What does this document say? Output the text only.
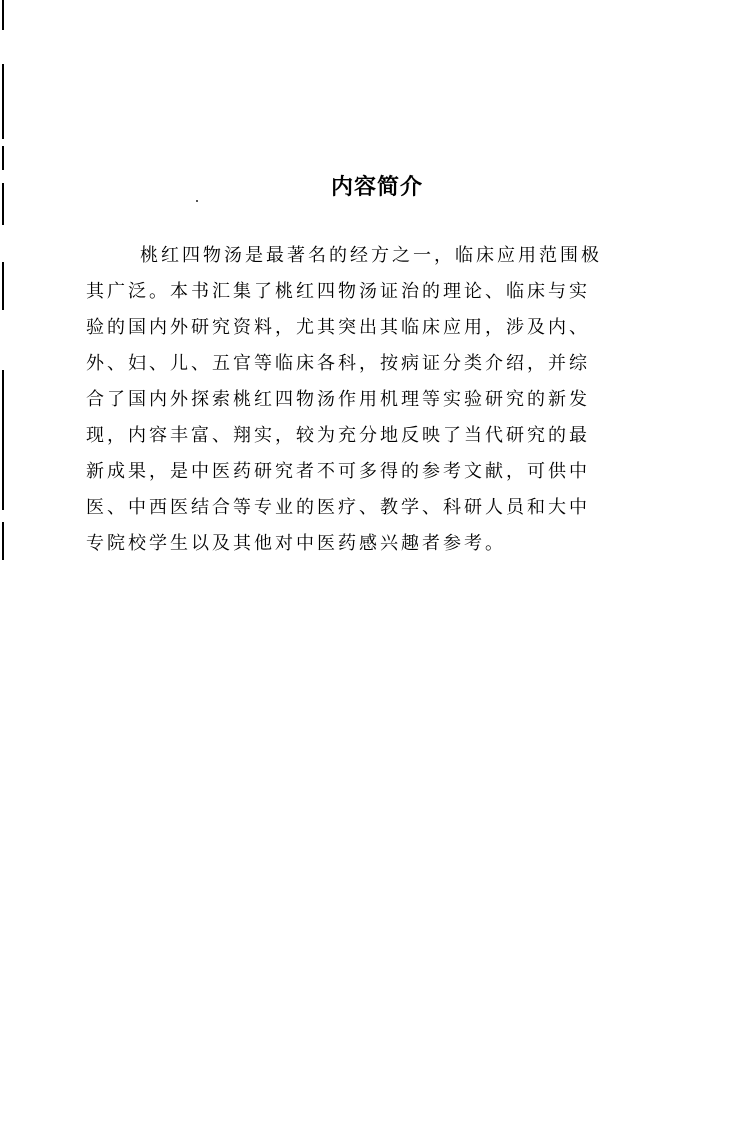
内容简介
桃红四物汤是最著名的经方之一，临床应用范围极
其广泛。本书汇集了桃红四物汤证治的理论、临床与实
验的国内外研究资料，尤其突出其临床应用，涉及内、
外、妇、儿、五官等临床各科，按病证分类介绍，并综
合了国内外探索桃红四物汤作用机理等实验研究的新发
现，内容丰富、翔实，较为充分地反映了当代研究的最
新成果，是中医药研究者不可多得的参考文献，可供中
医、中西医结合等专业的医疗、教学、科研人员和大中
专院校学生以及其他对中医药感兴趣者参考。
